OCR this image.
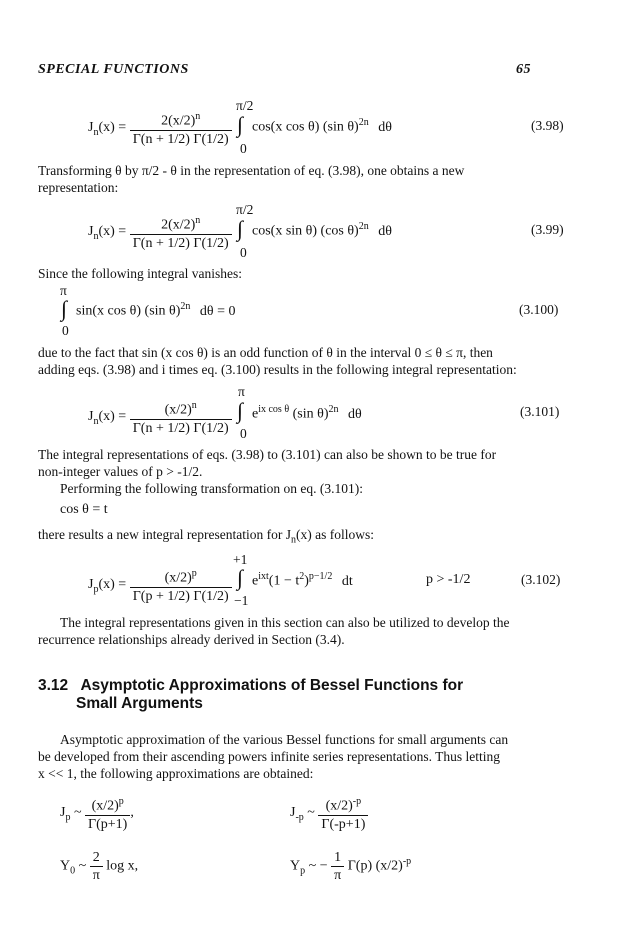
SPECIAL FUNCTIONS	65
$J_n(x) = \frac{2(x/2)^n}{\Gamma(n + 1/2) \Gamma(1/2)}$
π/2
∫
0
cos(x cos θ) (sin θ)$^{2n}$ dθ	(3.98)
Transforming θ by π/2 - θ in the representation of eq. (3.98), one obtains a new
representation:
$J_n(x) = \frac{2(x/2)^n}{\Gamma(n + 1/2) \Gamma(1/2)}$
π/2
∫
0
cos(x sin θ) (cos θ)$^{2n}$ dθ	(3.99)
Since the following integral vanishes:
π
∫
0
sin(x cos θ) (sin θ)$^{2n}$ dθ = 0	(3.100)
due to the fact that sin (x cos θ) is an odd function of θ in the interval 0 ≤ θ ≤ π, then
adding eqs. (3.98) and i times eq. (3.100) results in the following integral representation:
$J_n(x) = \frac{(x/2)^n}{\Gamma(n + 1/2) \Gamma(1/2)}$
π
∫
0
$e^{ix cos \theta}$ (sin θ)$^{2n}$ dθ	(3.101)
The integral representations of eqs. (3.98) to (3.101) can also be shown to be true for
non-integer values of p > -1/2.
Performing the following transformation on eq. (3.101):
cos θ = t
there results a new integral representation for $J_n(x)$ as follows:
$J_p(x) = \frac{(x/2)^p}{\Gamma(p + 1/2) \Gamma(1/2)}$
+1
∫
−1
$e^{ixt}(1 - t^2)^{p-1/2}$ dt	p > -1/2	(3.102)
The integral representations given in this section can also be utilized to develop the
recurrence relationships already derived in Section (3.4).
3.12 Asymptotic Approximations of Bessel Functions for
Small Arguments
Asymptotic approximation of the various Bessel functions for small arguments can
be developed from their ascending powers infinite series representations. Thus letting
x << 1, the following approximations are obtained:
$J_p$ ~ $\frac{(x/2)^p}{\Gamma(p+1)}$ ,	$J_{-p}$ ~ $\frac{(x/2)^{-p}}{\Gamma(-p+1)}$
$Y_0$ ~ $\frac{2}{\pi}$ log x,	$Y_p$ ~ − $\frac{1}{\pi} \Gamma(p)$ $(x/2)^{-p}$
